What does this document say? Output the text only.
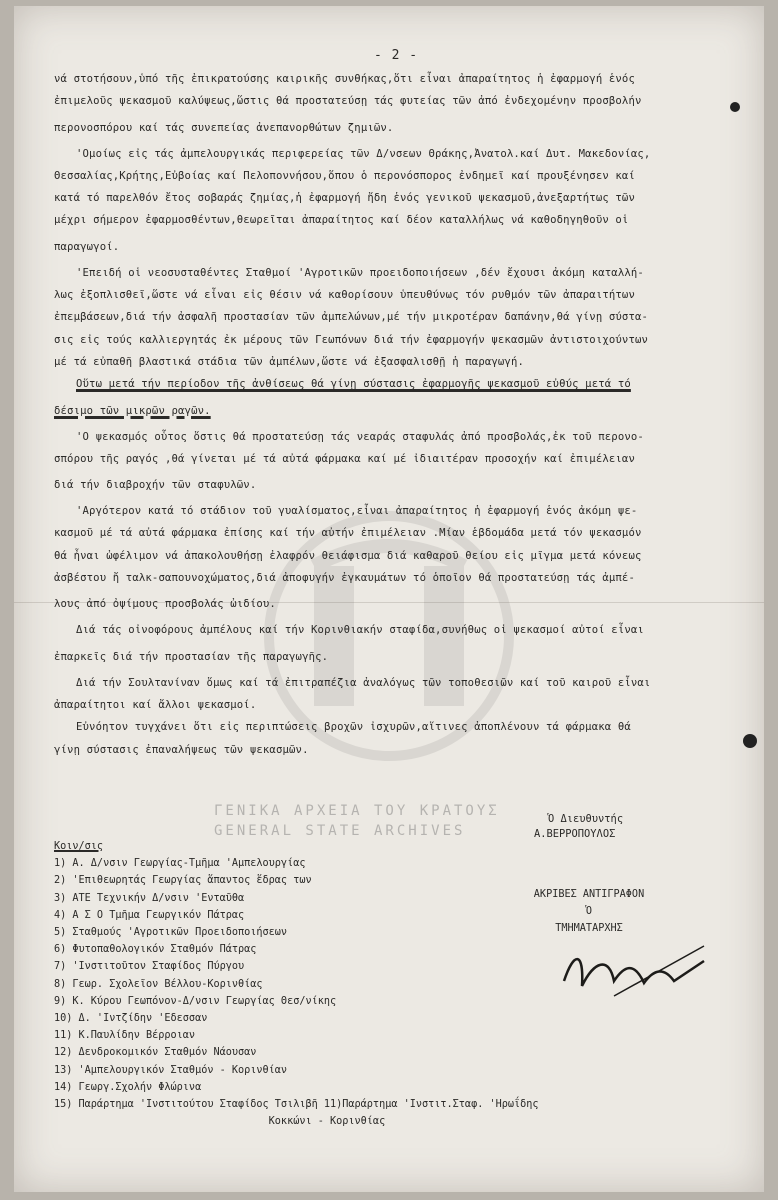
- 2 -
νά στοτήσουν,ὑπό τῆς ἐπικρατούσης καιρικῆς συνθήκας,ὅτι εἶναι ἀπαραίτητος ἡ ἐφαρμογή ἑνός
ἐπιμελοῦς ψεκασμοῦ καλύψεως,ὥστις θά προστατεύσῃ τάς φυτείας τῶν ἀπό ἐνδεχομένην προσβολήν
περονοσπόρου καί τάς συνεπείας ἀνεπανορθώτων ζημιῶν.
'Ομοίως εἰς τάς ἀμπελουργικάς περιφερείας τῶν Δ/νσεων Θράκης,Ἀνατολ.καί Δυτ. Μακεδονίας,
Θεσσαλίας,Κρήτης,Εὐβοίας καί Πελοποννήσου,ὅπου ὁ περονόσπορος ἐνδημεῖ καί προυξένησεν καί
κατά τό παρελθόν ἔτος σοβαράς ζημίας,ἡ ἐφαρμογή ἤδη ἑνός γενικοῦ ψεκασμοῦ,ἀνεξαρτήτως τῶν
μέχρι σήμερον ἐφαρμοσθέντων,θεωρεῖται ἀπαραίτητος καί δέον καταλλήλως νά καθοδηγηθοῦν οἱ
παραγωγοί.
'Επειδή οἱ νεοσυσταθέντες Σταθμοί 'Αγροτικῶν προειδοποιήσεων ,δέν ἔχουσι ἀκόμη καταλλή-
λως ἐξοπλισθεῖ,ὥστε νά εἶναι εἰς θέσιν νά καθορίσουν ὑπευθύνως τόν ρυθμόν τῶν ἀπαραιτήτων
ἐπεμβάσεων,διά τήν ἀσφαλῆ προστασίαν τῶν ἀμπελώνων,μέ τήν μικροτέραν δαπάνην,θά γίνῃ σύστα-
σις εἰς τούς καλλιεργητάς ἐκ μέρους τῶν Γεωπόνων διά τήν ἐφαρμογήν ψεκασμῶν ἀντιστοιχούντων
μέ τά εὐπαθῆ βλαστικά στάδια τῶν ἀμπέλων,ὥστε νά ἐξασφαλισθῇ ἡ παραγωγή.
Οὕτω μετά τήν περίοδον τῆς ἀνθίσεως θά γίνῃ σύστασις ἐφαρμογῆς ψεκασμοῦ εὐθύς μετά τό
δέσιμο τῶν μικρῶν ραγῶν.
'Ο ψεκασμός οὗτος ὅστις θά προστατεύσῃ τάς νεαράς σταφυλάς ἀπό προσβολάς,ἐκ τοῦ περονο-
σπόρου τῆς ραγός ,θά γίνεται μέ τά αὐτά φάρμακα καί μέ ἰδιαιτέραν προσοχήν καί ἐπιμέλειαν
διά τήν διαβροχήν τῶν σταφυλῶν.
'Αργότερον κατά τό στάδιον τοῦ γυαλίσματος,εἶναι ἀπαραίτητος ἡ ἐφαρμογή ἑνός ἀκόμη ψε-
κασμοῦ μέ τά αὐτά φάρμακα ἐπίσης καί τήν αὐτήν ἐπιμέλειαν .Μίαν ἑβδομάδα μετά τόν ψεκασμόν
θά ἦναι ὠφέλιμον νά ἀπακολουθήσῃ ἐλαφρόν θειάφισμα διά καθαροῦ θείου εἰς μῖγμα μετά κόνεως
ἀσβέστου ἤ ταλκ-σαπουνοχώματος,διά ἀποφυγήν ἐγκαυμάτων τό ὁποῖον θά προστατεύσῃ τάς ἀμπέ-
λους ἀπό ὀψίμους προσβολάς ὠιδίου.
Διά τάς οἰνοφόρους ἀμπέλους καί τήν Κορινθιακήν σταφίδα,συνήθως οἱ ψεκασμοί αὐτοί εἶναι
ἐπαρκεῖς διά τήν προστασίαν τῆς παραγωγῆς.
Διά τήν Σουλτανίναν ὅμως καί τά ἐπιτραπέζια ἀναλόγως τῶν τοποθεσιῶν καί τοῦ καιροῦ εἶναι
ἀπαραίτητοι καί ἄλλοι ψεκασμοί.
Εὐνόητον τυγχάνει ὅτι εἰς περιπτώσεις βροχῶν ἰσχυρῶν,αἵτινες ἀποπλένουν τά φάρμακα θά
γίνῃ σύστασις ἐπαναλήψεως τῶν ψεκασμῶν.
ΓΕΝΙΚΑ ΑΡΧΕΙΑ ΤΟΥ ΚΡΑΤΟΥΣ
GENERAL STATE ARCHIVES
Ὁ Διευθυντής
Α.ΒΕΡΡΟΠΟΥΛΟΣ
Κοιν/σις
1) Α. Δ/νσιν Γεωργίας-Τμῆμα 'Αμπελουργίας
2) 'Επιθεωρητάς Γεωργίας ἅπαντος ἕδρας των
3) ΑΤΕ Τεχνικήν Δ/νσιν 'Ενταῦθα
4) Α Σ Ο Τμῆμα Γεωργικόν Πάτρας
5) Σταθμούς 'Αγροτικῶν Προειδοποιήσεων
6) Φυτοπαθολογικόν Σταθμόν Πάτρας
7) 'Ινστιτοῦτον Σταφίδος Πύργου
8) Γεωρ. Σχολεῖον Βέλλου-Κορινθίας
9) Κ. Κύρου Γεωπόνον-Δ/νσιν Γεωργίας Θεσ/νίκης
10) Δ. 'Ιντζίδην 'Εδεσσαν
11) Κ.Παυλίδην Βέρροιαν
12) Δενδροκομικόν Σταθμόν Νάουσαν
13) 'Αμπελουργικόν Σταθμόν - Κορινθίαν
14) Γεωργ.Σχολήν Φλώρινα
15) Παράρτημα 'Ινστιτούτου Σταφίδος Τσιλιβῆ 11)Παράρτημα 'Ινστιτ.Σταφ. 'Ηρωΐδης
Κοκκώνι - Κορινθίας
ΑΚΡΙΒΕΣ ΑΝΤΙΓΡΑΦΟΝ
Ὁ
ΤΜΗΜΑΤΑΡΧΗΣ
